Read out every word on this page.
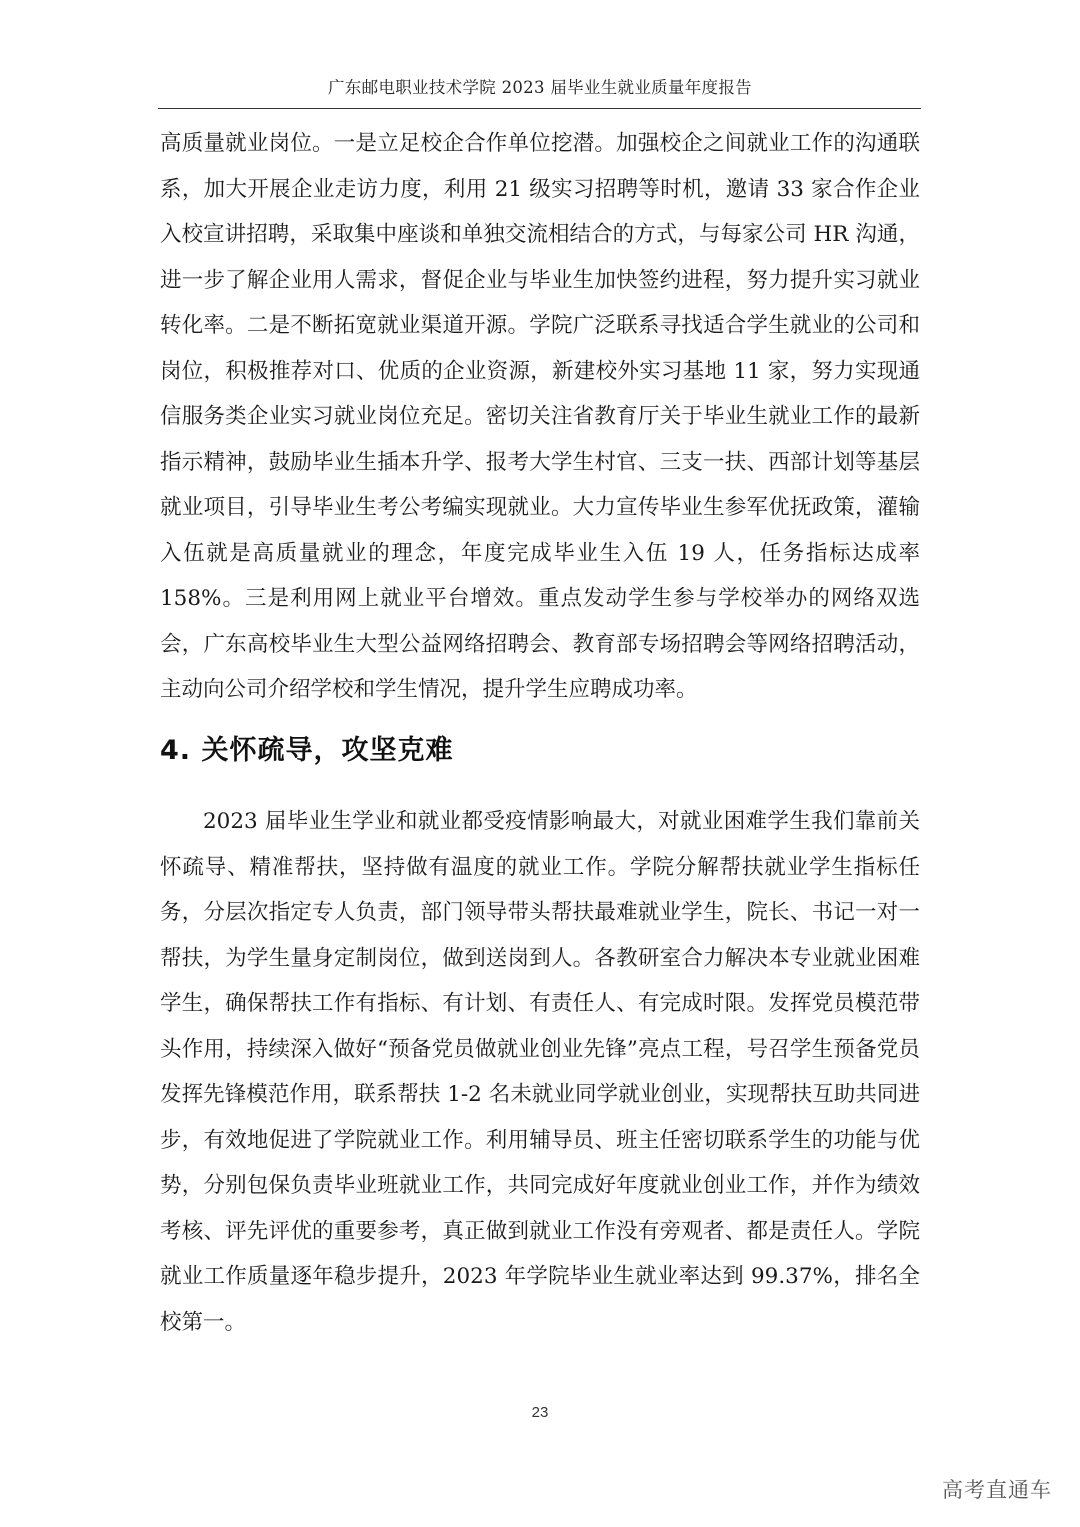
广东邮电职业技术学院 2023 届毕业生就业质量年度报告

高质量就业岗位。一是立足校企合作单位挖潜。加强校企之间就业工作的沟通联系，加大开展企业走访力度，利用 21 级实习招聘等时机，邀请 33 家合作企业入校宣讲招聘，采取集中座谈和单独交流相结合的方式，与每家公司 HR 沟通，进一步了解企业用人需求，督促企业与毕业生加快签约进程，努力提升实习就业转化率。二是不断拓宽就业渠道开源。学院广泛联系寻找适合学生就业的公司和岗位，积极推荐对口、优质的企业资源，新建校外实习基地 11 家，努力实现通信服务类企业实习就业岗位充足。密切关注省教育厅关于毕业生就业工作的最新指示精神，鼓励毕业生插本升学、报考大学生村官、三支一扶、西部计划等基层就业项目，引导毕业生考公考编实现就业。大力宣传毕业生参军优抚政策，灌输入伍就是高质量就业的理念，年度完成毕业生入伍 19 人，任务指标达成率 158%。三是利用网上就业平台增效。重点发动学生参与学校举办的网络双选会，广东高校毕业生大型公益网络招聘会、教育部专场招聘会等网络招聘活动，主动向公司介绍学校和学生情况，提升学生应聘成功率。

4. 关怀疏导，攻坚克难

2023 届毕业生学业和就业都受疫情影响最大，对就业困难学生我们靠前关怀疏导、精准帮扶，坚持做有温度的就业工作。学院分解帮扶就业学生指标任务，分层次指定专人负责，部门领导带头帮扶最难就业学生，院长、书记一对一帮扶，为学生量身定制岗位，做到送岗到人。各教研室合力解决本专业就业困难学生，确保帮扶工作有指标、有计划、有责任人、有完成时限。发挥党员模范带头作用，持续深入做好“预备党员做就业创业先锋”亮点工程，号召学生预备党员发挥先锋模范作用，联系帮扶 1-2 名未就业同学就业创业，实现帮扶互助共同进步，有效地促进了学院就业工作。利用辅导员、班主任密切联系学生的功能与优势，分别包保负责毕业班就业工作，共同完成好年度就业创业工作，并作为绩效考核、评先评优的重要参考，真正做到就业工作没有旁观者、都是责任人。学院就业工作质量逐年稳步提升，2023 年学院毕业生就业率达到 99.37%，排名全校第一。

23
高考直通车
